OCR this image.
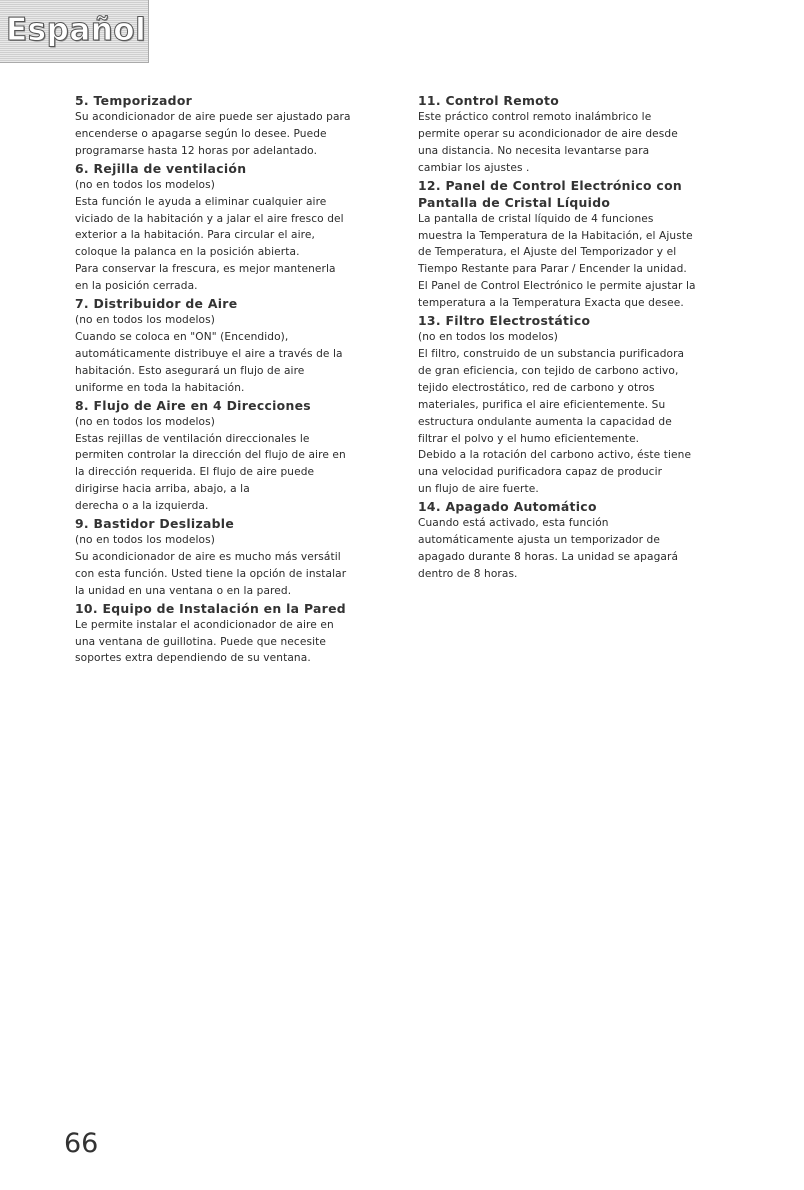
Español

5. Temporizador

Su acondicionador de aire puede ser ajustado para

encenderse o apagarse según lo desee. Puede

programarse hasta 12 horas por adelantado.

6. Rejilla de ventilación

(no en todos los modelos)

Esta función le ayuda a eliminar cualquier aire

viciado de la habitación y a jalar el aire fresco del

exterior a la habitación. Para circular el aire,

coloque la palanca en la posición abierta.

Para conservar la frescura, es mejor mantenerla

en la posición cerrada.

7. Distribuidor de Aire

(no en todos los modelos)

Cuando se coloca en "ON" (Encendido),

automáticamente distribuye el aire a través de la

habitación. Esto asegurará un flujo de aire

uniforme en toda la habitación.

8. Flujo de Aire en 4 Direcciones

(no en todos los modelos)

Estas rejillas de ventilación direccionales le

permiten controlar la dirección del flujo de aire en

la dirección requerida. El flujo de aire puede

dirigirse hacia arriba, abajo, a la

derecha o a la izquierda.

9. Bastidor Deslizable

(no en todos los modelos)

Su acondicionador de aire es mucho más versátil

con esta función. Usted tiene la opción de instalar

la unidad en una ventana o en la pared.

10. Equipo de Instalación en la Pared

Le permite instalar el acondicionador de aire en

una ventana de guillotina. Puede que necesite

soportes extra dependiendo de su ventana.

11. Control Remoto

Este práctico control remoto inalámbrico le

permite operar su acondicionador de aire desde

una distancia. No necesita levantarse para

cambiar los ajustes .

12. Panel de Control Electrónico con
Pantalla de Cristal Líquido

La pantalla de cristal líquido de 4 funciones

muestra la Temperatura de la Habitación, el Ajuste

de Temperatura, el Ajuste del Temporizador y el

Tiempo Restante para Parar / Encender la unidad.

El Panel de Control Electrónico le permite ajustar la

temperatura a la Temperatura Exacta que desee.

13. Filtro Electrostático

(no en todos los modelos)

El filtro, construido de un substancia purificadora

de gran eficiencia, con tejido de carbono activo,

tejido electrostático, red de carbono y otros

materiales, purifica el aire eficientemente. Su

estructura ondulante aumenta la capacidad de

filtrar el polvo y el humo eficientemente.

Debido a la rotación del carbono activo, éste tiene

una velocidad purificadora capaz de producir

un flujo de aire fuerte.

14. Apagado Automático

Cuando está activado, esta función

automáticamente ajusta un temporizador de

apagado durante 8 horas. La unidad se apagará

dentro de 8 horas.

66
